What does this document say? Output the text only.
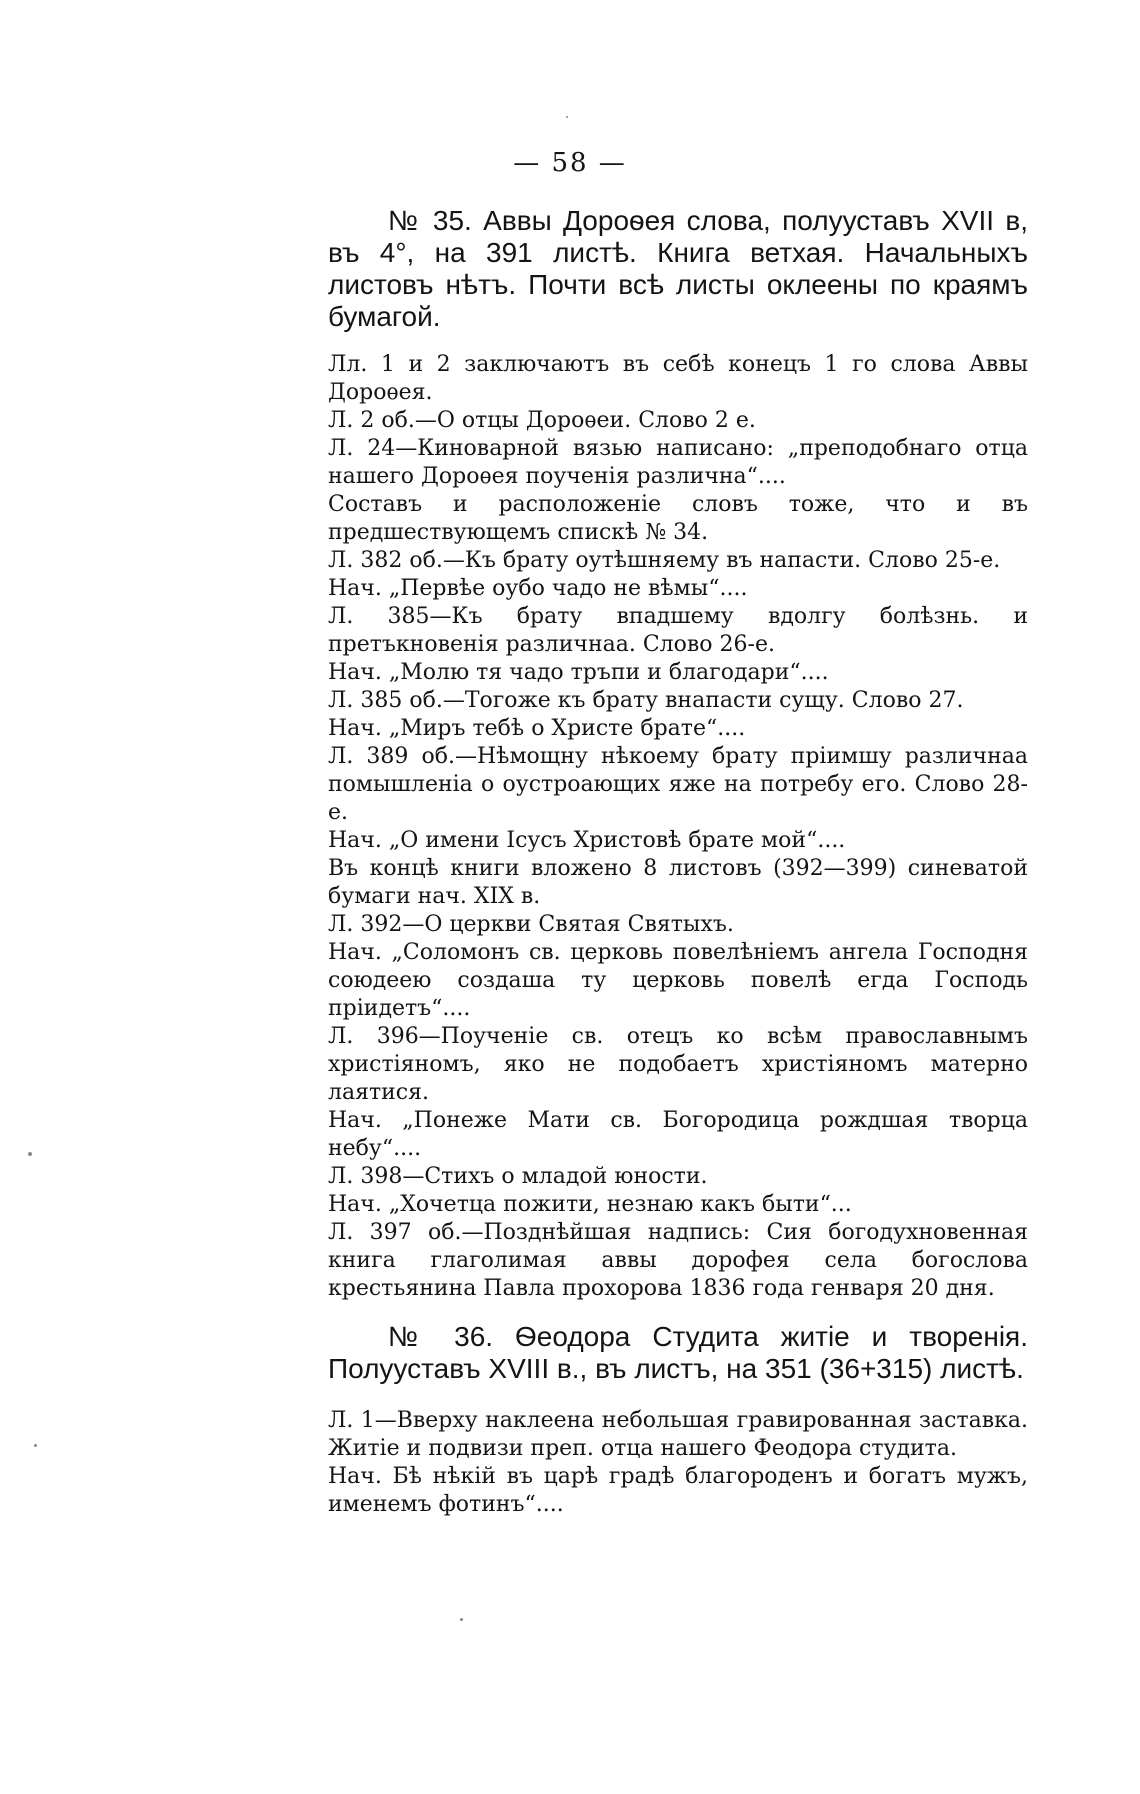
— 58 —

№ 35. Аввы Дороѳея слова, полууставъ XVII в, въ 4°, на 391 листѣ. Книга ветхая. Начальныхъ листовъ нѣтъ. Почти всѣ листы оклеены по краямъ бумагой.

Лл. 1 и 2 заключаютъ въ себѣ конецъ 1 го слова Аввы Дороѳея.

Л. 2 об.—О отцы Дороѳеи. Слово 2 е.

Л. 24—Киноварной вязью написано: „преподобнаго отца нашего Дороѳея поученія различна“....

Составъ и расположеніе словъ тоже, что и въ предшествующемъ спискѣ № 34.

Л. 382 об.—Къ брату оутѣшняему въ напасти. Слово 25-е.

Нач. „Первѣе оубо чадо не вѣмы“....

Л. 385—Къ брату впадшему вдолгу болѣзнь. и претъкновенія различнаа. Слово 26-е.

Нач. „Молю тя чадо тръпи и благодари“....

Л. 385 об.—Тогоже къ брату внапасти сущу. Слово 27.

Нач. „Миръ тебѣ о Христе брате“....

Л. 389 об.—Нѣмощну нѣкоему брату пріимшу различнаа помышленіа о оустроающих яже на потребу его. Слово 28-е.

Нач. „О имени Ісусъ Христовѣ брате мой“....

Въ концѣ книги вложено 8 листовъ (392—399) синеватой бумаги нач. XIX в.

Л. 392—О церкви Святая Святыхъ.

Нач. „Соломонъ св. церковь повелѣніемъ ангела Господня союдеею создаша ту церковь повелѣ егда Господь пріидетъ“....

Л. 396—Поученіе св. отецъ ко всѣм православнымъ христіяномъ, яко не подобаетъ христіяномъ матерно лаятися.

Нач. „Понеже Мати св. Богородица рождшая творца небу“....

Л. 398—Стихъ о младой юности.

Нач. „Хочетца пожити, незнаю какъ быти“...

Л. 397 об.—Позднѣйшая надпись: Сия богодухновенная книга глаголимая аввы дорофея села богослова крестьянина Павла прохорова 1836 года генваря 20 дня.

№ 36. Ѳеодора Студита житіе и творенія. Полууставъ XVIII в., въ листъ, на 351 (36+315) листѣ.

Л. 1—Вверху наклеена небольшая гравированная заставка. Житіе и подвизи преп. отца нашего Феодора студита.

Нач. Бѣ нѣкій въ царѣ градѣ благороденъ и богатъ мужъ, именемъ фотинъ“....
